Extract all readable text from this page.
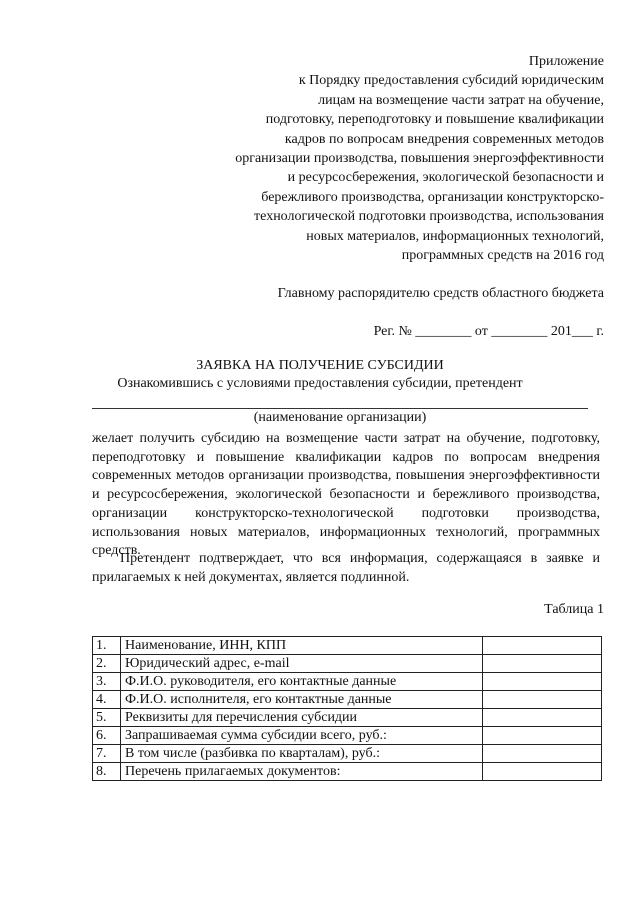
Приложение
к Порядку предоставления субсидий юридическим
лицам на возмещение части затрат на обучение,
подготовку, переподготовку и повышение квалификации
кадров по вопросам внедрения современных методов
организации производства, повышения энергоэффективности
и ресурсосбережения, экологической безопасности и
бережливого производства, организации конструкторско-
технологической подготовки производства, использования
новых материалов, информационных технологий,
программных средств на 2016 год
Главному распорядителю средств областного бюджета
Рег. № ________ от ________ 201___ г.
ЗАЯВКА НА ПОЛУЧЕНИЕ СУБСИДИИ
Ознакомившись с условиями предоставления субсидии, претендент
(наименование организации)
желает получить субсидию на возмещение части затрат на обучение, подготовку, переподготовку и повышение квалификации кадров по вопросам внедрения современных методов организации производства, повышения энергоэффективности и ресурсосбережения, экологической безопасности и бережливого производства, организации конструкторско-технологической подготовки производства, использования новых материалов, информационных технологий, программных средств.
Претендент подтверждает, что вся информация, содержащаяся в заявке и прилагаемых к ней документах, является подлинной.
Таблица 1
1.	Наименование, ИНН, КПП	
2.	Юридический адрес, e-mail	
3.	Ф.И.О. руководителя, его контактные данные	
4.	Ф.И.О. исполнителя, его контактные данные	
5.	Реквизиты для перечисления субсидии	
6.	Запрашиваемая сумма субсидии всего, руб.:	
7.	В том числе (разбивка по кварталам), руб.:	
8.	Перечень прилагаемых документов:	
